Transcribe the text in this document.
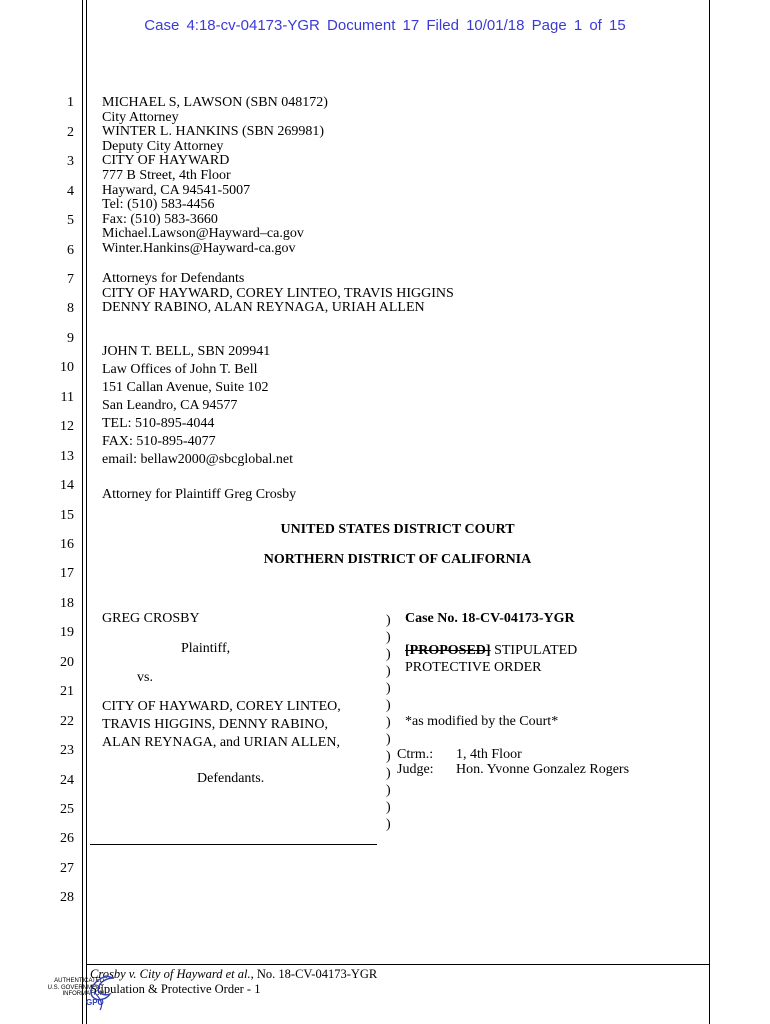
Case 4:18-cv-04173-YGR Document 17 Filed 10/01/18 Page 1 of 15
1
2
3
4
5
6
7
8
9
10
11
12
13
14
15
16
17
18
19
20
21
22
23
24
25
26
27
28
MICHAEL S, LAWSON (SBN 048172)
City Attorney
WINTER L. HANKINS (SBN 269981)
Deputy City Attorney
CITY OF HAYWARD
777 B Street, 4th Floor
Hayward, CA 94541-5007
Tel: (510) 583-4456
Fax: (510) 583-3660
Michael.Lawson@Hayward–ca.gov
Winter.Hankins@Hayward-ca.gov
Attorneys for Defendants
CITY OF HAYWARD, COREY LINTEO, TRAVIS HIGGINS
DENNY RABINO, ALAN REYNAGA, URIAH ALLEN
JOHN T. BELL, SBN 209941
Law Offices of John T. Bell
151 Callan Avenue, Suite 102
San Leandro, CA 94577
TEL: 510-895-4044
FAX: 510-895-4077
email: bellaw2000@sbcglobal.net
Attorney for Plaintiff Greg Crosby
UNITED STATES DISTRICT COURT
NORTHERN DISTRICT OF CALIFORNIA
GREG CROSBY
Plaintiff,
vs.
CITY OF HAYWARD, COREY LINTEO,
TRAVIS HIGGINS, DENNY RABINO,
ALAN REYNAGA, and URIAN ALLEN,
Defendants.
)
)
)
)
)
)
)
)
)
)
)
)
)
Case No. 18-CV-04173-YGR
[PROPOSED] STIPULATED
PROTECTIVE ORDER
*as modified by the Court*
Ctrm.: 1, 4th Floor
Judge: Hon. Yvonne Gonzalez Rogers
Crosby v. City of Hayward et al., No. 18-CV-04173-YGR
Stipulation & Protective Order - 1
AUTHENTICATED
U.S. GOVERNMENT
INFORMATION
GPO
